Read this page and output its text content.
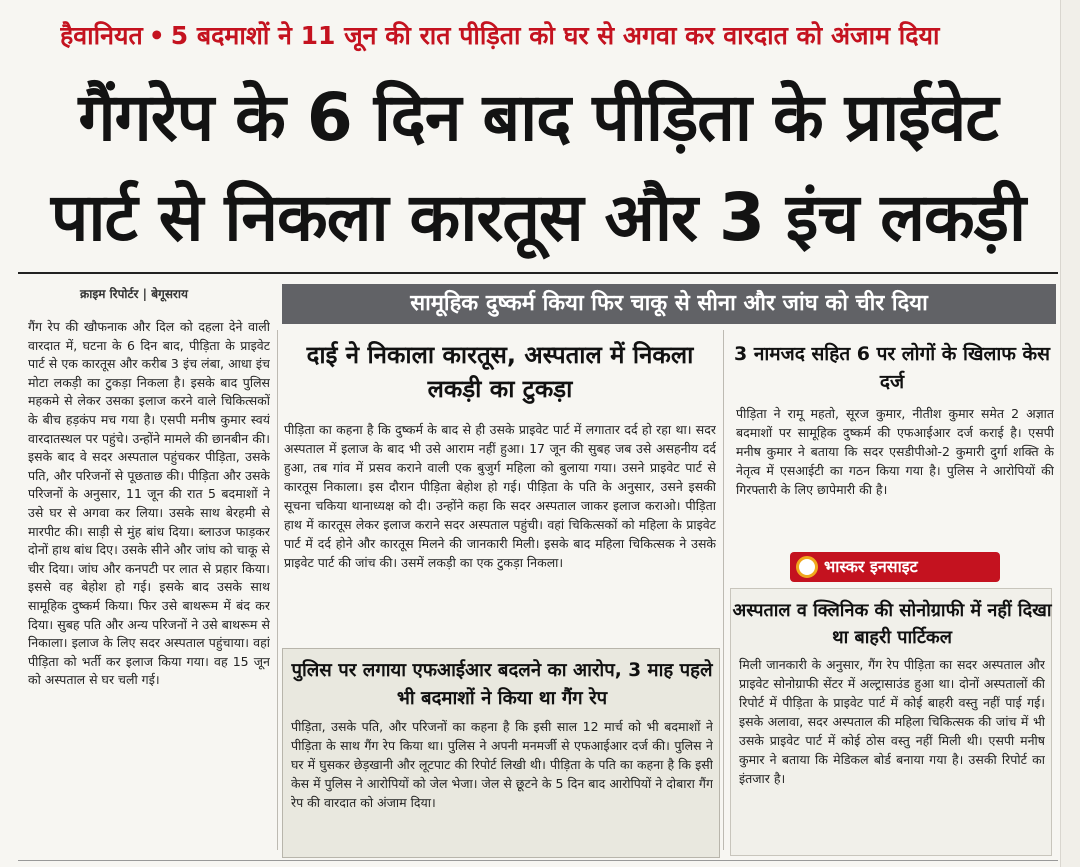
हैवानियत • 5 बदमाशों ने 11 जून की रात पीड़िता को घर से अगवा कर वारदात को अंजाम दिया
गैंगरेप के 6 दिन बाद पीड़िता के प्राईवेट
पार्ट से निकला कारतूस और 3 इंच लकड़ी
क्राइम रिपोर्टर | बेगूसराय	सामूहिक दुष्कर्म किया फिर चाकू से सीना और जांघ को चीर दिया
गैंग रेप की खौफनाक और दिल को दहला देने वाली वारदात में, घटना के 6 दिन बाद, पीड़िता के प्राइवेट पार्ट से एक कारतूस और करीब 3 इंच लंबा, आधा इंच मोटा लकड़ी का टुकड़ा निकला है। इसके बाद पुलिस महकमे से लेकर उसका इलाज करने वाले चिकित्सकों के बीच हड़कंप मच गया है। एसपी मनीष कुमार स्वयं वारदातस्थल पर पहुंचे। उन्होंने मामले की छानबीन की। इसके बाद वे सदर अस्पताल पहुंचकर पीड़िता, उसके पति, और परिजनों से पूछताछ की। पीड़िता और उसके परिजनों के अनुसार, 11 जून की रात 5 बदमाशों ने उसे घर से अगवा कर लिया। उसके साथ बेरहमी से मारपीट की। साड़ी से मुंह बांध दिया। ब्लाउज फाड़कर दोनों हाथ बांध दिए। उसके सीने और जांघ को चाकू से चीर दिया। जांघ और कनपटी पर लात से प्रहार किया। इससे वह बेहोश हो गई। इसके बाद उसके साथ सामूहिक दुष्कर्म किया। फिर उसे बाथरूम में बंद कर दिया। सुबह पति और अन्य परिजनों ने उसे बाथरूम से निकाला। इलाज के लिए सदर अस्पताल पहुंचाया। वहां पीड़िता को भर्ती कर इलाज किया गया। वह 15 जून को अस्पताल से घर चली गई।
दाई ने निकाला कारतूस, अस्पताल में निकला लकड़ी का टुकड़ा
पीड़िता का कहना है कि दुष्कर्म के बाद से ही उसके प्राइवेट पार्ट में लगातार दर्द हो रहा था। सदर अस्पताल में इलाज के बाद भी उसे आराम नहीं हुआ। 17 जून की सुबह जब उसे असहनीय दर्द हुआ, तब गांव में प्रसव कराने वाली एक बुजुर्ग महिला को बुलाया गया। उसने प्राइवेट पार्ट से कारतूस निकाला। इस दौरान पीड़िता बेहोश हो गई। पीड़िता के पति के अनुसार, उसने इसकी सूचना चकिया थानाध्यक्ष को दी। उन्होंने कहा कि सदर अस्पताल जाकर इलाज कराओ। पीड़िता हाथ में कारतूस लेकर इलाज कराने सदर अस्पताल पहुंची। वहां चिकित्सकों को महिला के प्राइवेट पार्ट में दर्द होने और कारतूस मिलने की जानकारी मिली। इसके बाद महिला चिकित्सक ने उसके प्राइवेट पार्ट की जांच की। उसमें लकड़ी का एक टुकड़ा निकला।
पुलिस पर लगाया एफआईआर बदलने का आरोप, 3 माह पहले भी बदमाशों ने किया था गैंग रेप
पीड़िता, उसके पति, और परिजनों का कहना है कि इसी साल 12 मार्च को भी बदमाशों ने पीड़िता के साथ गैंग रेप किया था। पुलिस ने अपनी मनमर्जी से एफआईआर दर्ज की। पुलिस ने घर में घुसकर छेड़खानी और लूटपाट की रिपोर्ट लिखी थी। पीड़िता के पति का कहना है कि इसी केस में पुलिस ने आरोपियों को जेल भेजा। जेल से छूटने के 5 दिन बाद आरोपियों ने दोबारा गैंग रेप की वारदात को अंजाम दिया।
3 नामजद सहित 6 पर लोगों के खिलाफ केस दर्ज
पीड़िता ने रामू महतो, सूरज कुमार, नीतीश कुमार समेत 2 अज्ञात बदमाशों पर सामूहिक दुष्कर्म की एफआईआर दर्ज कराई है। एसपी मनीष कुमार ने बताया कि सदर एसडीपीओ-2 कुमारी दुर्गा शक्ति के नेतृत्व में एसआईटी का गठन किया गया है। पुलिस ने आरोपियों की गिरफ्तारी के लिए छापेमारी की है।
भास्कर इनसाइट
अस्पताल व क्लिनिक की सोनोग्राफी में नहीं दिखा था बाहरी पार्टिकल
मिली जानकारी के अनुसार, गैंग रेप पीड़िता का सदर अस्पताल और प्राइवेट सोनोग्राफी सेंटर में अल्ट्रासाउंड हुआ था। दोनों अस्पतालों की रिपोर्ट में पीड़िता के प्राइवेट पार्ट में कोई बाहरी वस्तु नहीं पाई गई। इसके अलावा, सदर अस्पताल की महिला चिकित्सक की जांच में भी उसके प्राइवेट पार्ट में कोई ठोस वस्तु नहीं मिली थी। एसपी मनीष कुमार ने बताया कि मेडिकल बोर्ड बनाया गया है। उसकी रिपोर्ट का इंतजार है।
